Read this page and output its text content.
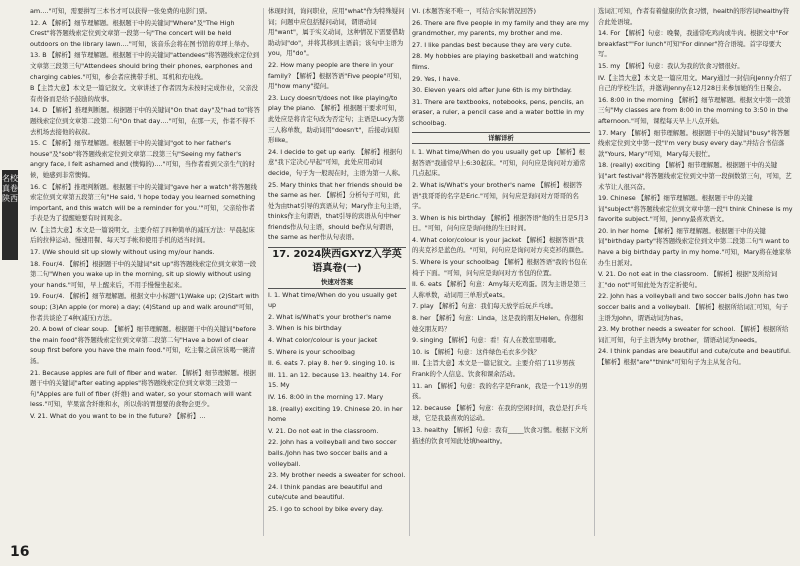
名校真卷
陕西
am…."可知，需要拼写三本书才可以获得一张免费的电影门票。
12. A 【解析】细节理解题。根据题干中的关键词"Where"及"The High Crest"将答题线索定位到文章第一段第一句"The concert will be held outdoors on the library lawn…."可知，该音乐会将在图书馆的草坪上举办。
13. B 【解析】细节理解题。根据题干中的关键词"attendees"将答题线索定位到文章第三段第三句"Attendees should bring their phones, earphones and charging cables."可知，参会者应携带手机、耳机和充电线。
B【主旨大意】本文是一篇记叙文。文章讲述了作者因为未按时完成作业，父亲没有责备而是给予鼓励的故事。
14. D 【解析】推理判断题。根据题干中的关键词"On that day"及"had to"将答题线索定位到文章第二段第二句"On that day…."可知，在那一天，作者不得不去机场去接他的叔叔。
15. C 【解析】细节理解题。根据题干中的关键词"got to her father's house"及"sob"将答题线索定位到文章第二段第三句"Seeing my father's angry face, I felt ashamed and (懊悔的)…."可知，当作者看到父亲生气的时候，她感到非常懊悔。
16. C 【解析】推理判断题。根据题干中的关键词"gave her a watch"将答题线索定位到文章第五段第三句"He said, 'I hope today you learned something important, and this watch will be a reminder for you.'"可知，父亲给作者手表是为了提醒她要有时间观念。
IV.【主旨大意】本文是一篇说明文。主要介绍了四种简单的减压方法：早晨起床后的拉伸运动、慢速用餐、每天写手帐和使用手机的适当时间。
17. I/We should sit up slowly without using my/our hands.
18. Four/4. 【解析】根据题干中的关键词"sit up"将答题线索定位到文章第一段第二句"When you wake up in the morning, sit up slowly without using your hands."可知，早上醒来后，不用手慢慢坐起来。
19. Four/4. 【解析】细节理解题。根据文中小标题"(1)Wake up; (2)Start with soup; (3)An apple (or more) a day; (4)Stand up and walk around"可知，作者共谈论了4种(减压)方法。
20. A bowl of clear soup. 【解析】细节理解题。根据题干中的关键词"before the main food"将答题线索定位到文章第二段第二句"Have a bowl of clear soup first before you have the main food."可知，吃主餐之前应该喝一碗清汤。
21. Because apples are full of fiber and water. 【解析】细节理解题。根据题干中的关键词"after eating apples"将答题线索定位到文章第三段第一句"Apples are full of fiber (纤维) and water, so your stomach will want less."可知，苹果富含纤维和水，所以你的胃想要的食物会更少。
V. 21. What do you want to be in the future? 【解析】…
体现时间，询问职业，应用"what"作为特殊疑问词；问题中应包括疑问动词，谓语动词用"want"，属于实义动词，这种情况下需要借助助动词"do"，并将其移到主语前；该句中主语为you，用"do"。
22. How many people are there in your family? 【解析】根据答语"Five people"可知，用"how many"提问。
23. Lucy doesn't/does not like playing/to play the piano. 【解析】根据题干要求可知，此处应是将肯定句改为否定句；主语是Lucy为第三人称单数，助动词用"doesn't"，后接动词原形like。
24. I decide to get up early. 【解析】根据句意"我下定决心早起"可知，此处应用动词decide，句子为一般现在时，主语为第一人称。
25. Mary thinks that her friends should be the same as her. 【解析】分析句子可知，此处为由that引导的宾语从句；Mary作主句主语，thinks作主句谓语，that引导的宾语从句中her friends作从句主语，should be作从句谓语，the same as her作从句表语。
17. 2024陕西GXYZ入学英语真卷(一)
快速对答案
I. 1. What time/When do you usually get up
2. What is/What's your brother's name
3. When is his birthday
4. What color/colour is your jacket
5. Where is your schoolbag
II. 6. eats 7. play 8. her 9. singing 10. is
III. 11. an 12. because 13. healthy 14. For 15. My
IV. 16. 8:00 in the morning 17. Mary
18. (really) exciting 19. Chinese 20. in her home
V. 21. Do not eat in the classroom.
22. John has a volleyball and two soccer balls./John has two soccer balls and a volleyball.
23. My brother needs a sweater for school.
24. I think pandas are beautiful and cute/cute and beautiful.
25. I go to school by bike every day.
VI. (本题答案不唯一，可结合实际情况回答)
26. There are five people in my family and they are my grandmother, my parents, my brother and me.
27. I like pandas best because they are very cute.
28. My hobbies are playing basketball and watching films.
29. Yes, I have.
30. Eleven years old after June 6th is my birthday.
31. There are textbooks, notebooks, pens, pencils, an eraser, a ruler, a pencil case and a water bottle in my schoolbag.
详解详析
I. 1. What time/When do you usually get up 【解析】根据答语"我通常早上6:30起床。"可知，问句应是询问对方通常几点起床。
2. What is/What's your brother's name 【解析】根据答语"我哥哥的名字是Eric."可知，问句应是询问对方哥哥的名字。
3. When is his birthday 【解析】根据答语"他的生日是5月3日。"可知，问句应是询问他的生日时间。
4. What color/colour is your jacket 【解析】根据答语"我的夹克衫是蓝色的。"可知，问句应是询问对方夹克衫的颜色。
5. Where is your schoolbag 【解析】根据答语"我的书包在椅子下面。"可知，问句应是询问对方书包的位置。
II. 6. eats 【解析】句意：Amy每天吃鸡蛋。因为主语是第三人称单数，动词用三单形式eats。
7. play 【解析】句意：我们每天放学后玩乒乓球。
8. her 【解析】句意：Linda，这是我的朋友Helen。你想和她交朋友吗？
9. singing 【解析】句意：看！有人在教室里唱歌。
10. is 【解析】句意：这件绿色毛衣多少钱？
III.【主旨大意】本文是一篇记叙文。主要介绍了11岁男孩Frank的个人信息、饮食和课余活动。
11. an 【解析】句意：我的名字是Frank，我是一个11岁的男孩。
12. because 【解析】句意：在我的空闲时间，我总是打乒乓球，它是我最喜欢的运动。
13. healthy 【解析】句意：我有_____饮食习惯。根据下文所描述的饮食可知此处填healthy。
选词汇可知，作者有着健康的饮食习惯，health的形容词healthy符合此处语境。
14. For 【解析】句意：晚餐，我通常吃鸡肉或牛肉。根据文中"For breakfast""For lunch"可知"For dinner"符合语境。首字母要大写。
15. my 【解析】句意：我认为我的饮食习惯很好。
IV.【主旨大意】本文是一篇应用文。Mary通过一封信向Jenny介绍了自己的学校生活，并邀请Jenny在12月28日来参加她的生日聚会。
16. 8:00 in the morning 【解析】细节理解题。根据文中第一段第三句"My classes are from 8:00 in the morning to 3:50 in the afternoon."可知，课程每天早上八点开始。
17. Mary 【解析】细节理解题。根据题干中的关键词"busy"将答题线索定位到文中第一段"I'm very busy every day."并结合书信落款"Yours, Mary"可知，Mary每天很忙。
18. (really) exciting 【解析】细节理解题。根据题干中的关键词"art festival"将答题线索定位到文中第一段倒数第三句，可知，艺术节让人很兴奋。
19. Chinese 【解析】细节理解题。根据题干中的关键词"subject"将答题线索定位到文章中第一段"I think Chinese is my favorite subject."可知，Jenny最喜欢语文。
20. in her home 【解析】细节理解题。根据题干中的关键词"birthday party"将答题线索定位到文中第二段第二句"I want to have a big birthday party in my home."可知，Mary将在她家举办生日派对。
V. 21. Do not eat in the classroom. 【解析】根据"及所给词汇"do not"可知此处为否定祈使句。
22. John has a volleyball and two soccer balls./John has two soccer balls and a volleyball. 【解析】根据所给词汇可知，句子主语为John，谓语动词为has。
23. My brother needs a sweater for school. 【解析】根据所给词汇可知，句子主语为My brother，谓语动词为needs。
24. I think pandas are beautiful and cute/cute and beautiful. 【解析】根据"are""think"可知句子为主从复合句。
16
